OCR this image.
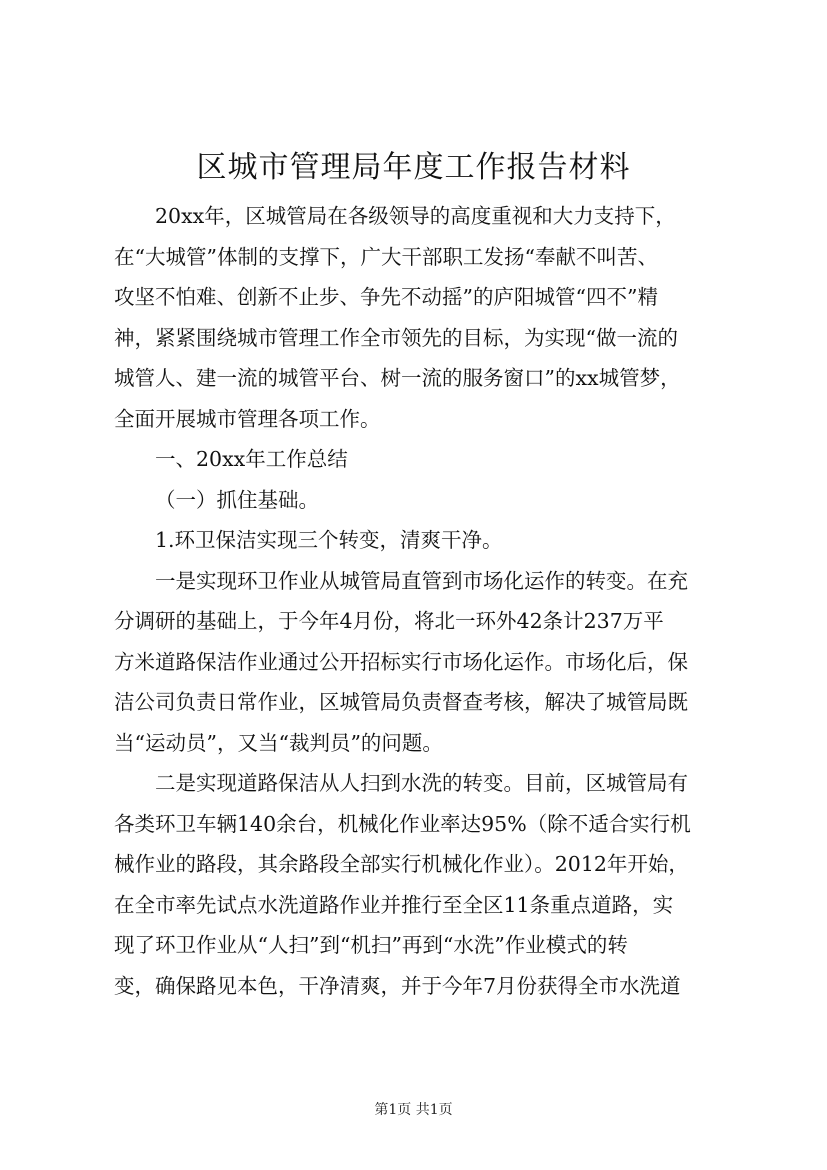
区城市管理局年度工作报告材料
20xx年，区城管局在各级领导的高度重视和大力支持下，
在“大城管”体制的支撑下，广大干部职工发扬“奉献不叫苦、
攻坚不怕难、创新不止步、争先不动摇”的庐阳城管“四不”精
神，紧紧围绕城市管理工作全市领先的目标，为实现“做一流的
城管人、建一流的城管平台、树一流的服务窗口”的xx城管梦，
全面开展城市管理各项工作。
一、20xx年工作总结
（一）抓住基础。
1.环卫保洁实现三个转变，清爽干净。
一是实现环卫作业从城管局直管到市场化运作的转变。在充
分调研的基础上，于今年4月份，将北一环外42条计237万平
方米道路保洁作业通过公开招标实行市场化运作。市场化后，保
洁公司负责日常作业，区城管局负责督查考核，解决了城管局既
当“运动员”，又当“裁判员”的问题。
二是实现道路保洁从人扫到水洗的转变。目前，区城管局有
各类环卫车辆140余台，机械化作业率达95%（除不适合实行机
械作业的路段，其余路段全部实行机械化作业）。2012年开始，
在全市率先试点水洗道路作业并推行至全区11条重点道路，实
现了环卫作业从“人扫”到“机扫”再到“水洗”作业模式的转
变，确保路见本色，干净清爽，并于今年7月份获得全市水洗道
第1页 共1页
